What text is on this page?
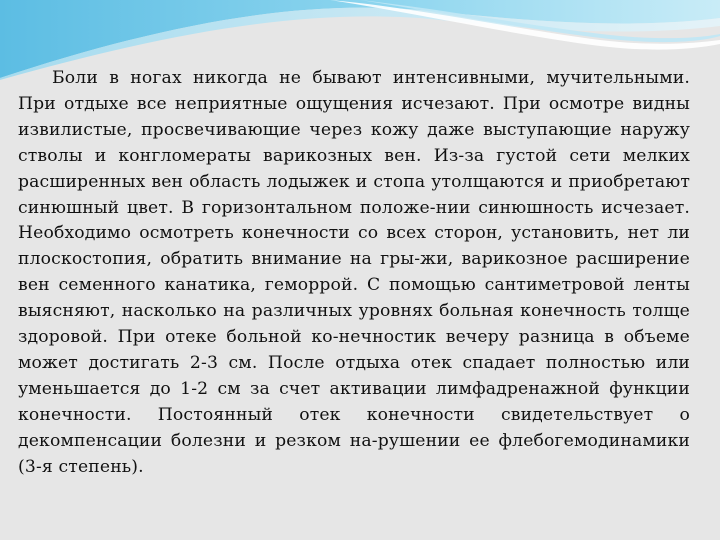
Боли в ногах никогда не бывают интенсивными, мучительными. При отдыхе все неприятные ощущения исчезают. При осмотре видны извилистые, просвечивающие через кожу даже выступающие наружу стволы и конгломераты варикозных вен. Из-за густой сети мелких расширенных вен область лодыжек и стопа утолщаются и приобретают синюшный цвет. В горизонтальном положе-нии синюшность исчезает. Необходимо осмотреть конечности со всех сторон, установить, нет ли плоскостопия, обратить внимание на гры-жи, варикозное расширение вен семенного канатика, геморрой. С помощью сантиметровой ленты выясняют, насколько на различных уровнях больная конечность толще здоровой. При отеке больной ко-нечностик вечеру разница в объеме может достигать 2-3 см. После отдыха отек спадает полностью или уменьшается до 1-2 см за счет активации лимфадренажной функции конечности. Постоянный отек конечности свидетельствует о декомпенсации болезни и резком на-рушении ее флебогемодинамики (3-я степень).
